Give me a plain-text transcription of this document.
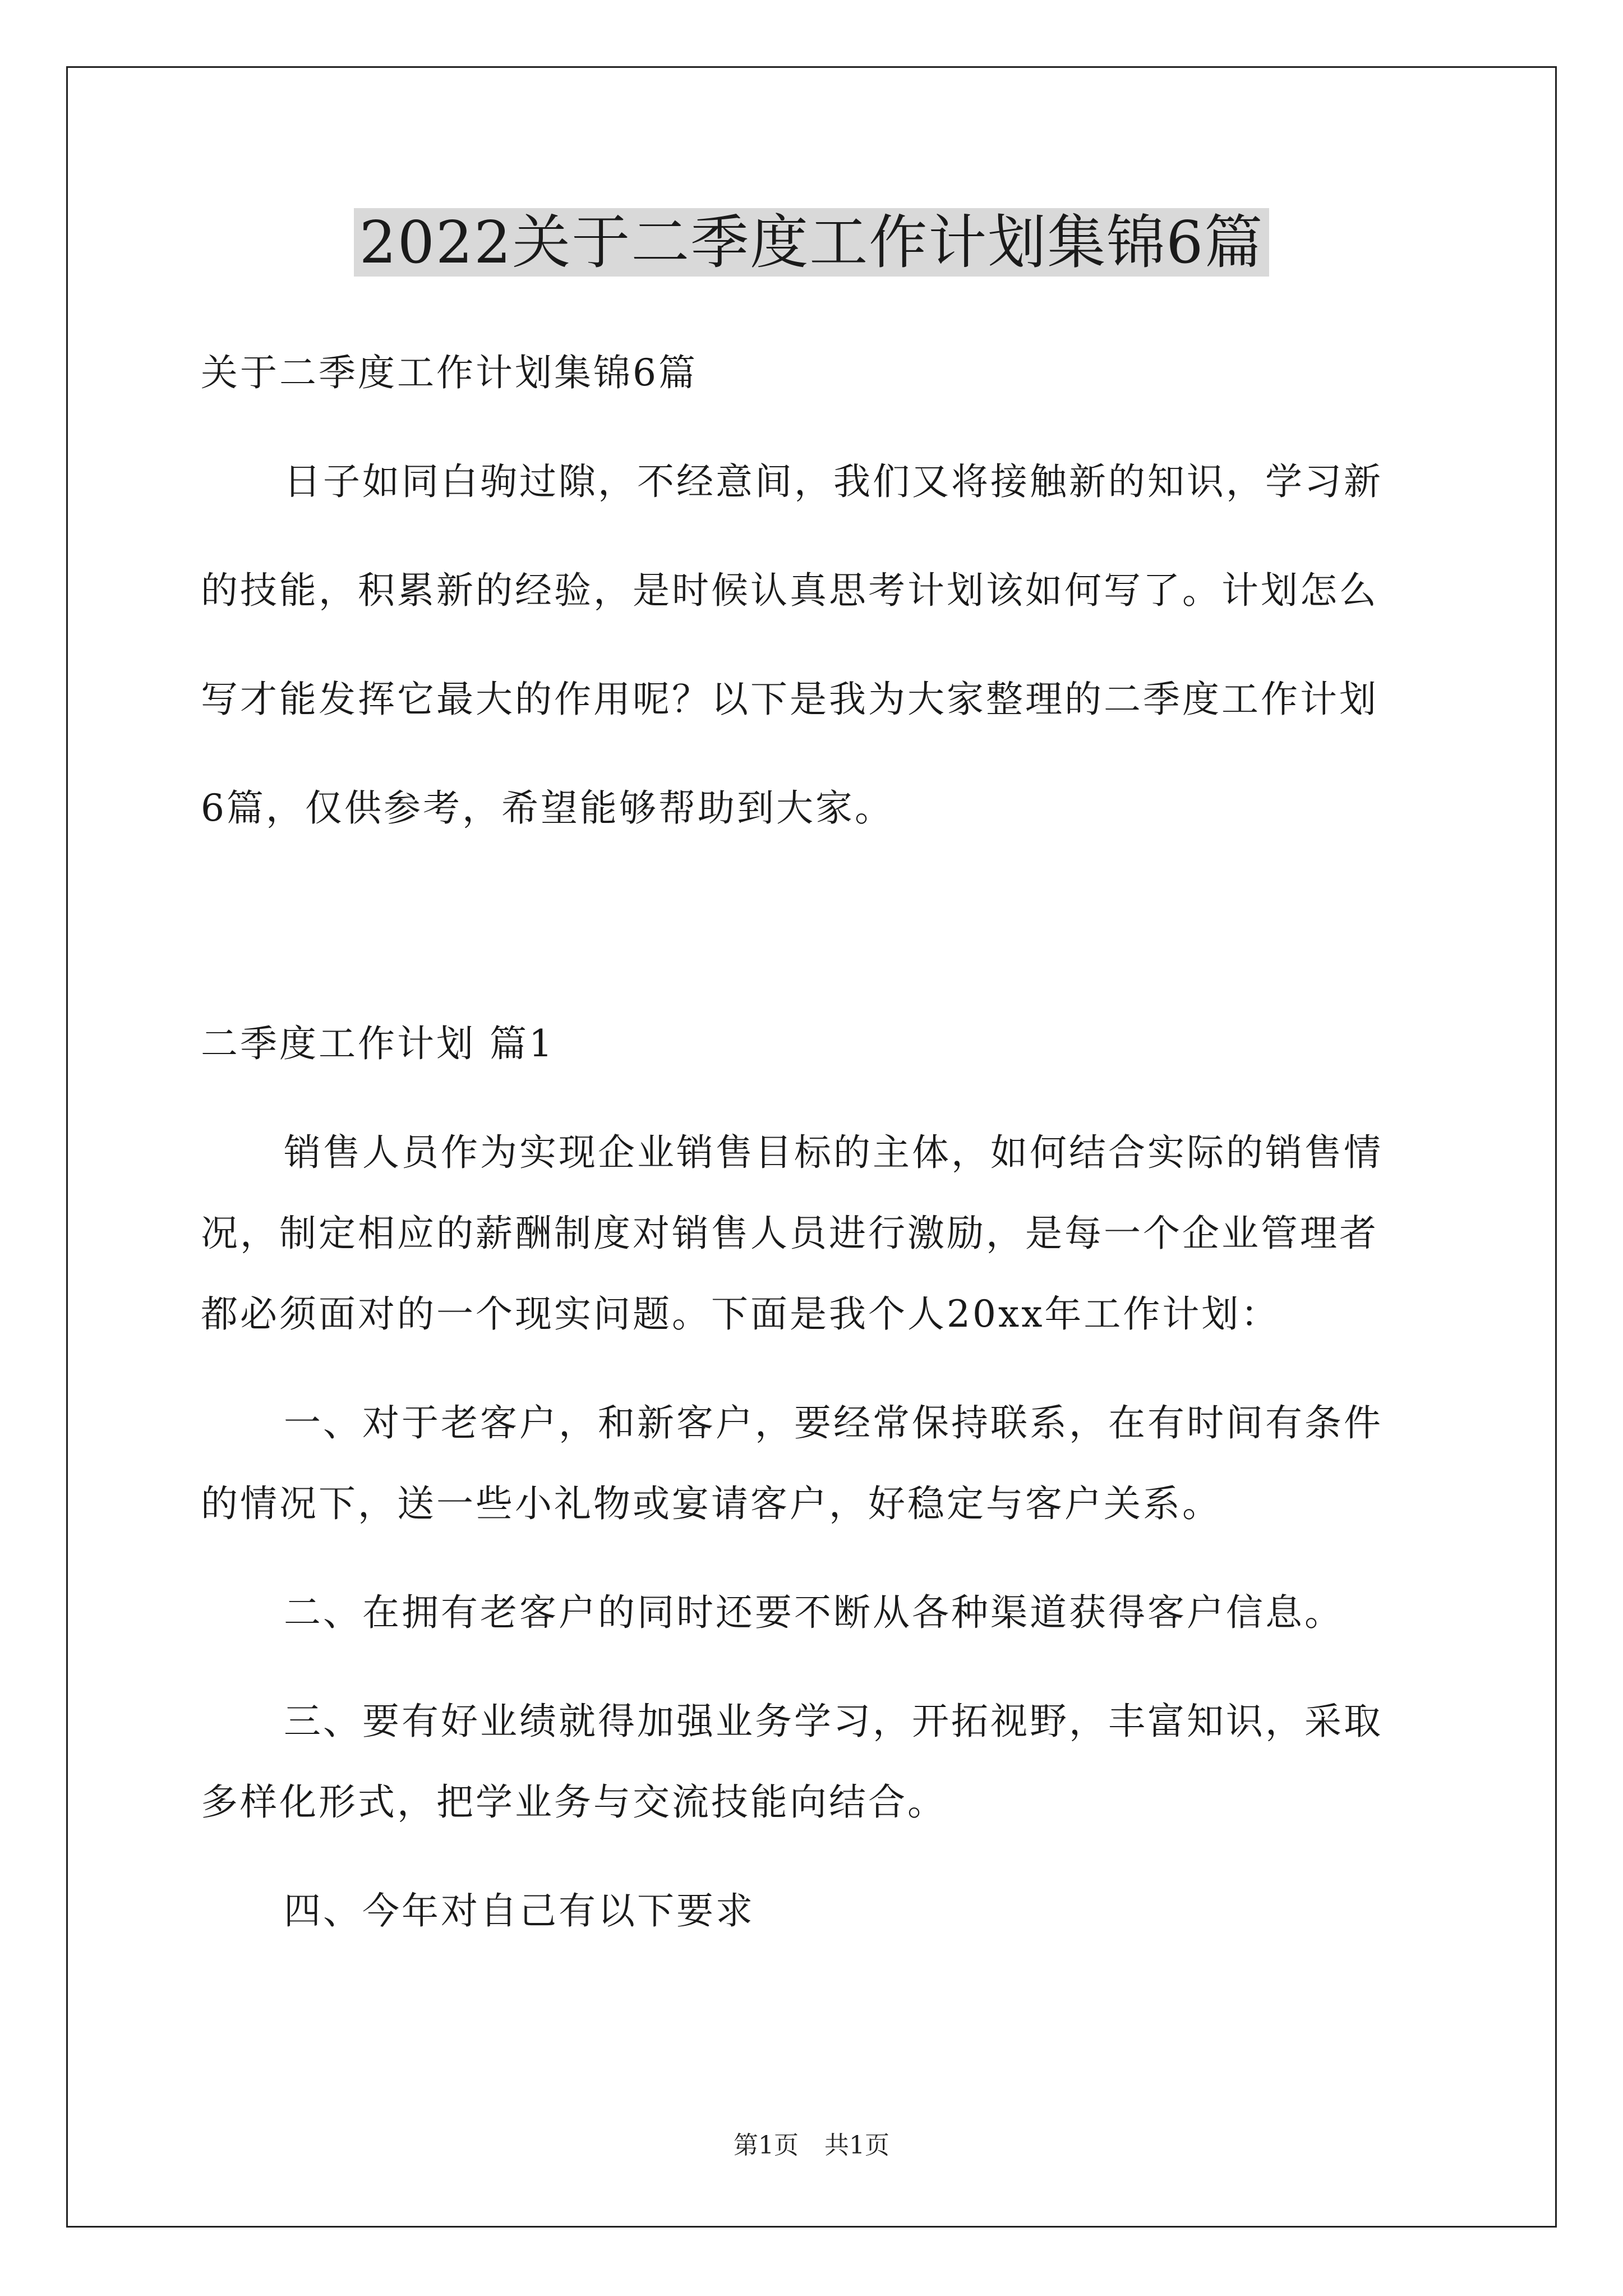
2022关于二季度工作计划集锦6篇
关于二季度工作计划集锦6篇
日子如同白驹过隙，不经意间，我们又将接触新的知识，学习新
的技能，积累新的经验，是时候认真思考计划该如何写了。计划怎么
写才能发挥它最大的作用呢？以下是我为大家整理的二季度工作计划
6篇，仅供参考，希望能够帮助到大家。
二季度工作计划 篇1
销售人员作为实现企业销售目标的主体，如何结合实际的销售情
况，制定相应的薪酬制度对销售人员进行激励，是每一个企业管理者
都必须面对的一个现实问题。下面是我个人20xx年工作计划：
一、对于老客户，和新客户，要经常保持联系，在有时间有条件
的情况下，送一些小礼物或宴请客户，好稳定与客户关系。
二、在拥有老客户的同时还要不断从各种渠道获得客户信息。
三、要有好业绩就得加强业务学习，开拓视野，丰富知识，采取
多样化形式，把学业务与交流技能向结合。
四、今年对自己有以下要求
第1页 共1页
